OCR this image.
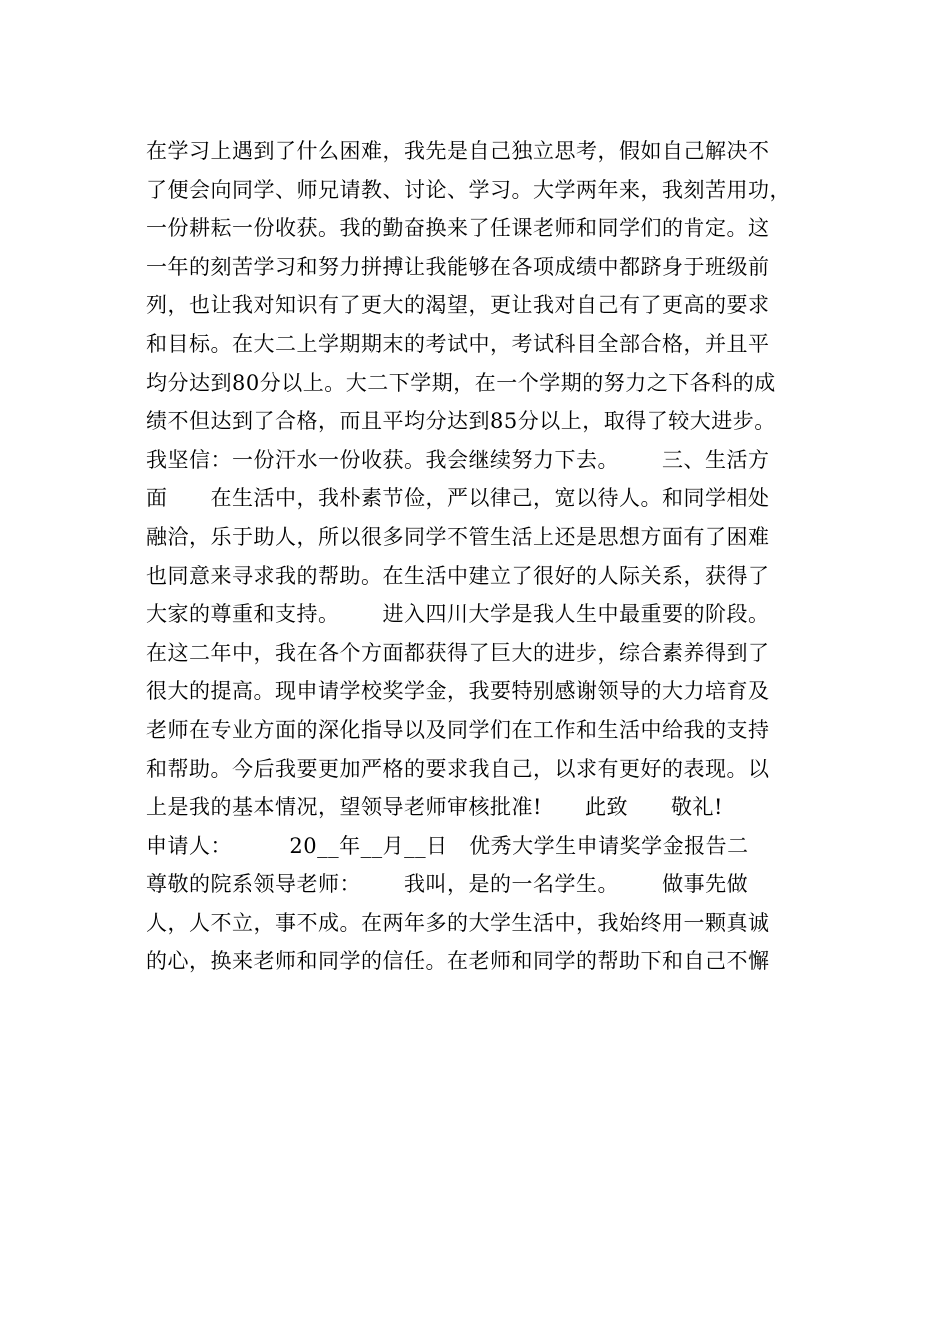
在学习上遇到了什么困难，我先是自己独立思考，假如自己解决不

了便会向同学、师兄请教、讨论、学习。大学两年来，我刻苦用功，

一份耕耘一份收获。我的勤奋换来了任课老师和同学们的肯定。这

一年的刻苦学习和努力拼搏让我能够在各项成绩中都跻身于班级前

列，也让我对知识有了更大的渴望，更让我对自己有了更高的要求

和目标。在大二上学期期末的考试中，考试科目全部合格，并且平

均分达到80分以上。大二下学期，在一个学期的努力之下各科的成

绩不但达到了合格，而且平均分达到85分以上，取得了较大进步。

我坚信：一份汗水一份收获。我会继续努力下去。      三、生活方

面      在生活中，我朴素节俭，严以律己，宽以待人。和同学相处

融洽，乐于助人，所以很多同学不管生活上还是思想方面有了困难

也同意来寻求我的帮助。在生活中建立了很好的人际关系，获得了

大家的尊重和支持。      进入四川大学是我人生中最重要的阶段。

在这二年中，我在各个方面都获得了巨大的进步，综合素养得到了

很大的提高。现申请学校奖学金，我要特别感谢领导的大力培育及

老师在专业方面的深化指导以及同学们在工作和生活中给我的支持

和帮助。今后我要更加严格的要求我自己，以求有更好的表现。以

上是我的基本情况，望领导老师审核批准!      此致      敬礼!

申请人：        20__年__月__日   优秀大学生申请奖学金报告二

尊敬的院系领导老师：      我叫，是的一名学生。      做事先做

人，人不立，事不成。在两年多的大学生活中，我始终用一颗真诚

的心，换来老师和同学的信任。在老师和同学的帮助下和自己不懈
